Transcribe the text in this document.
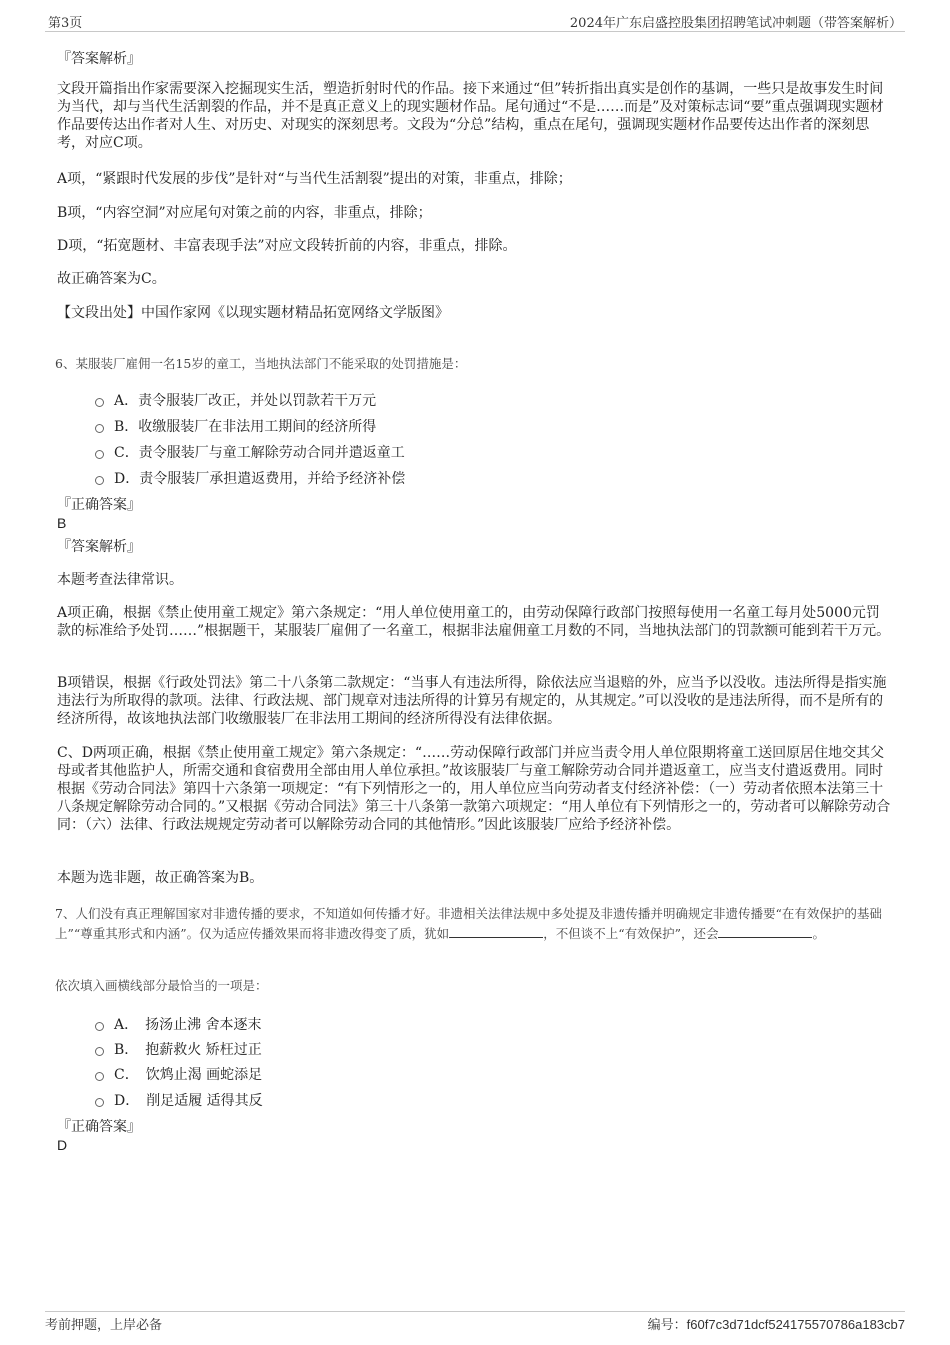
第3页	2024年广东启盛控股集团招聘笔试冲刺题（带答案解析）
『答案解析』

文段开篇指出作家需要深入挖掘现实生活，塑造折射时代的作品。接下来通过“但”转折指出真实是创作的基调，一些只是故事发生时间为当代，却与当代生活割裂的作品，并不是真正意义上的现实题材作品。尾句通过“不是……而是”及对策标志词“要”重点强调现实题材作品要传达出作者对人生、对历史、对现实的深刻思考。文段为“分总”结构，重点在尾句，强调现实题材作品要传达出作者的深刻思考，对应C项。

A项，“紧跟时代发展的步伐”是针对“与当代生活割裂”提出的对策，非重点，排除；

B项，“内容空洞”对应尾句对策之前的内容，非重点，排除；

D项，“拓宽题材、丰富表现手法”对应文段转折前的内容，非重点，排除。

故正确答案为C。

【文段出处】中国作家网《以现实题材精品拓宽网络文学版图》

6、某服装厂雇佣一名15岁的童工，当地执法部门不能采取的处罚措施是：

A．责令服装厂改正，并处以罚款若干万元
B．收缴服装厂在非法用工期间的经济所得
C．责令服装厂与童工解除劳动合同并遣返童工
D．责令服装厂承担遣返费用，并给予经济补偿
『正确答案』
B
『答案解析』

本题考查法律常识。

A项正确，根据《禁止使用童工规定》第六条规定：“用人单位使用童工的，由劳动保障行政部门按照每使用一名童工每月处5000元罚款的标准给予处罚……”根据题干，某服装厂雇佣了一名童工，根据非法雇佣童工月数的不同，当地执法部门的罚款额可能到若干万元。

B项错误，根据《行政处罚法》第二十八条第二款规定：“当事人有违法所得，除依法应当退赔的外，应当予以没收。违法所得是指实施违法行为所取得的款项。法律、行政法规、部门规章对违法所得的计算另有规定的，从其规定。”可以没收的是违法所得，而不是所有的经济所得，故该地执法部门收缴服装厂在非法用工期间的经济所得没有法律依据。

C、D两项正确，根据《禁止使用童工规定》第六条规定：“……劳动保障行政部门并应当责令用人单位限期将童工送回原居住地交其父母或者其他监护人，所需交通和食宿费用全部由用人单位承担。”故该服装厂与童工解除劳动合同并遣返童工，应当支付遣返费用。同时根据《劳动合同法》第四十六条第一项规定：“有下列情形之一的，用人单位应当向劳动者支付经济补偿：（一）劳动者依照本法第三十八条规定解除劳动合同的。”又根据《劳动合同法》第三十八条第一款第六项规定：“用人单位有下列情形之一的，劳动者可以解除劳动合同：（六）法律、行政法规规定劳动者可以解除劳动合同的其他情形。”因此该服装厂应给予经济补偿。

本题为选非题，故正确答案为B。

7、人们没有真正理解国家对非遗传播的要求，不知道如何传播才好。非遗相关法律法规中多处提及非遗传播并明确规定非遗传播要“在有效保护的基础上”“尊重其形式和内涵”。仅为适应传播效果而将非遗改得变了质，犹如	，不但谈不上“有效保护”，还会	。

依次填入画横线部分最恰当的一项是：

A．　扬汤止沸 舍本逐末
B．　抱薪救火 矫枉过正
C．　饮鸩止渴 画蛇添足
D．　削足适履 适得其反
『正确答案』
D
考前押题，上岸必备	编号：f60f7c3d71dcf524175570786a183cb7
